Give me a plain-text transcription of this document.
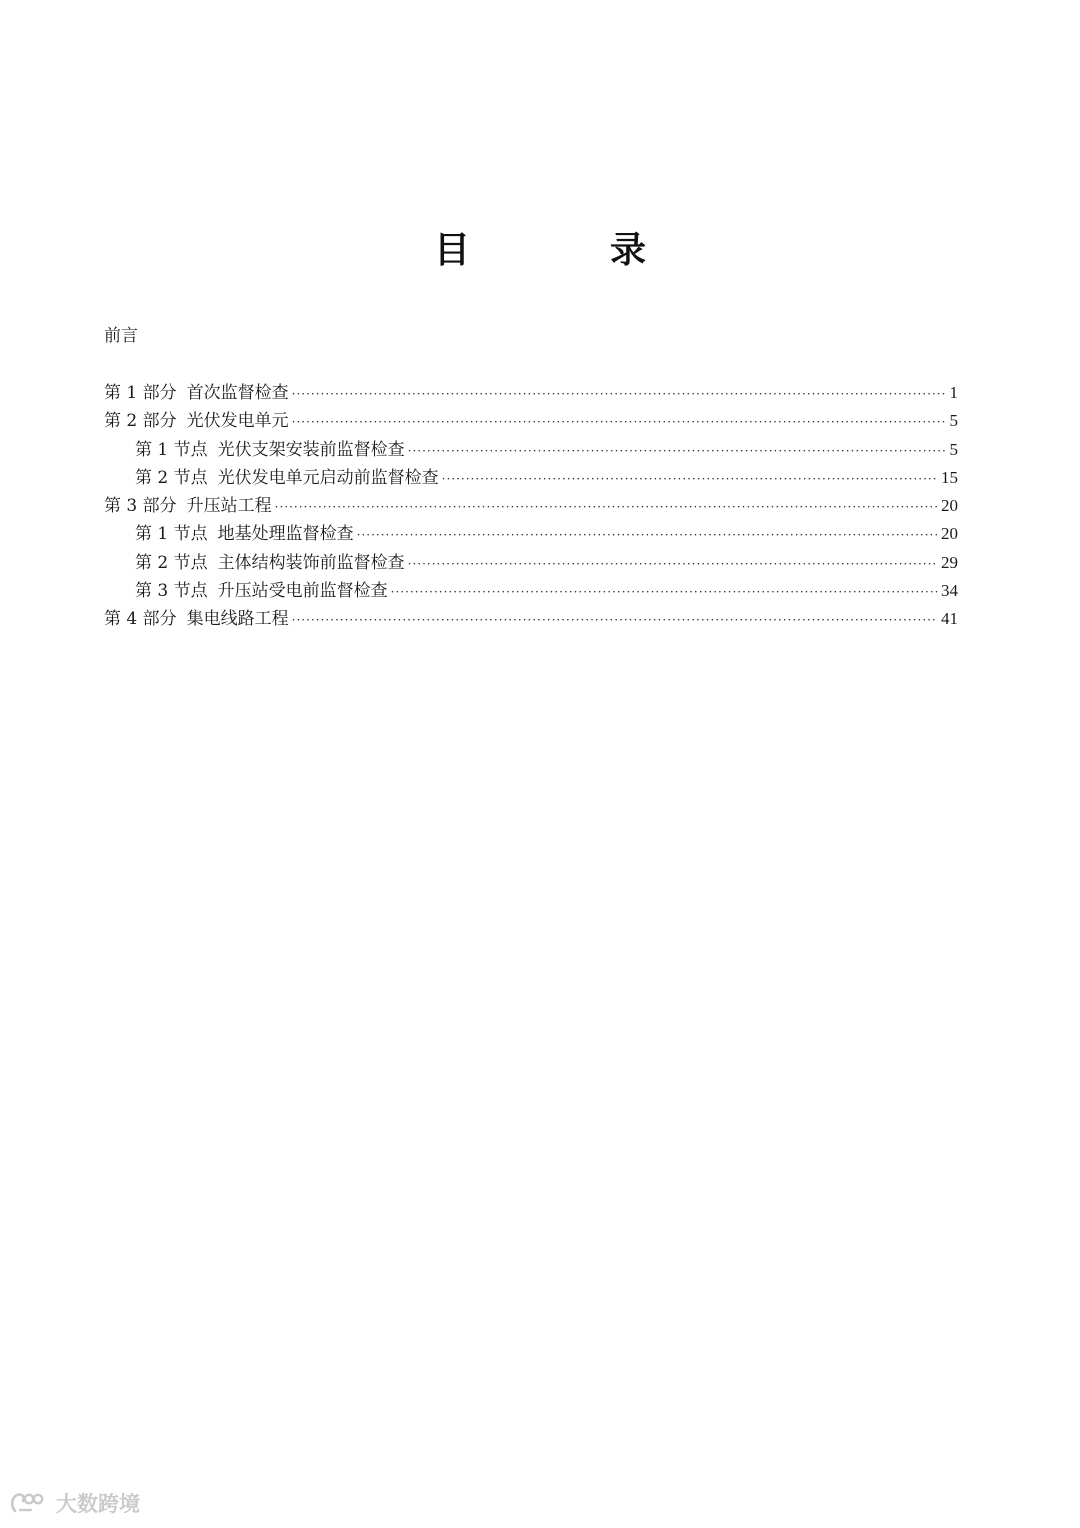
目　录
前言
第 1 部分 首次监督检查 ·····	1
第 2 部分 光伏发电单元 ·····	5
第 1 节点 光伏支架安装前监督检查 ·····	5
第 2 节点 光伏发电单元启动前监督检查 ·····	15
第 3 部分 升压站工程 ·····	20
第 1 节点 地基处理监督检查 ·····	20
第 2 节点 主体结构装饰前监督检查 ·····	29
第 3 节点 升压站受电前监督检查 ·····	34
第 4 部分 集电线路工程 ·····	41
大数跨境
